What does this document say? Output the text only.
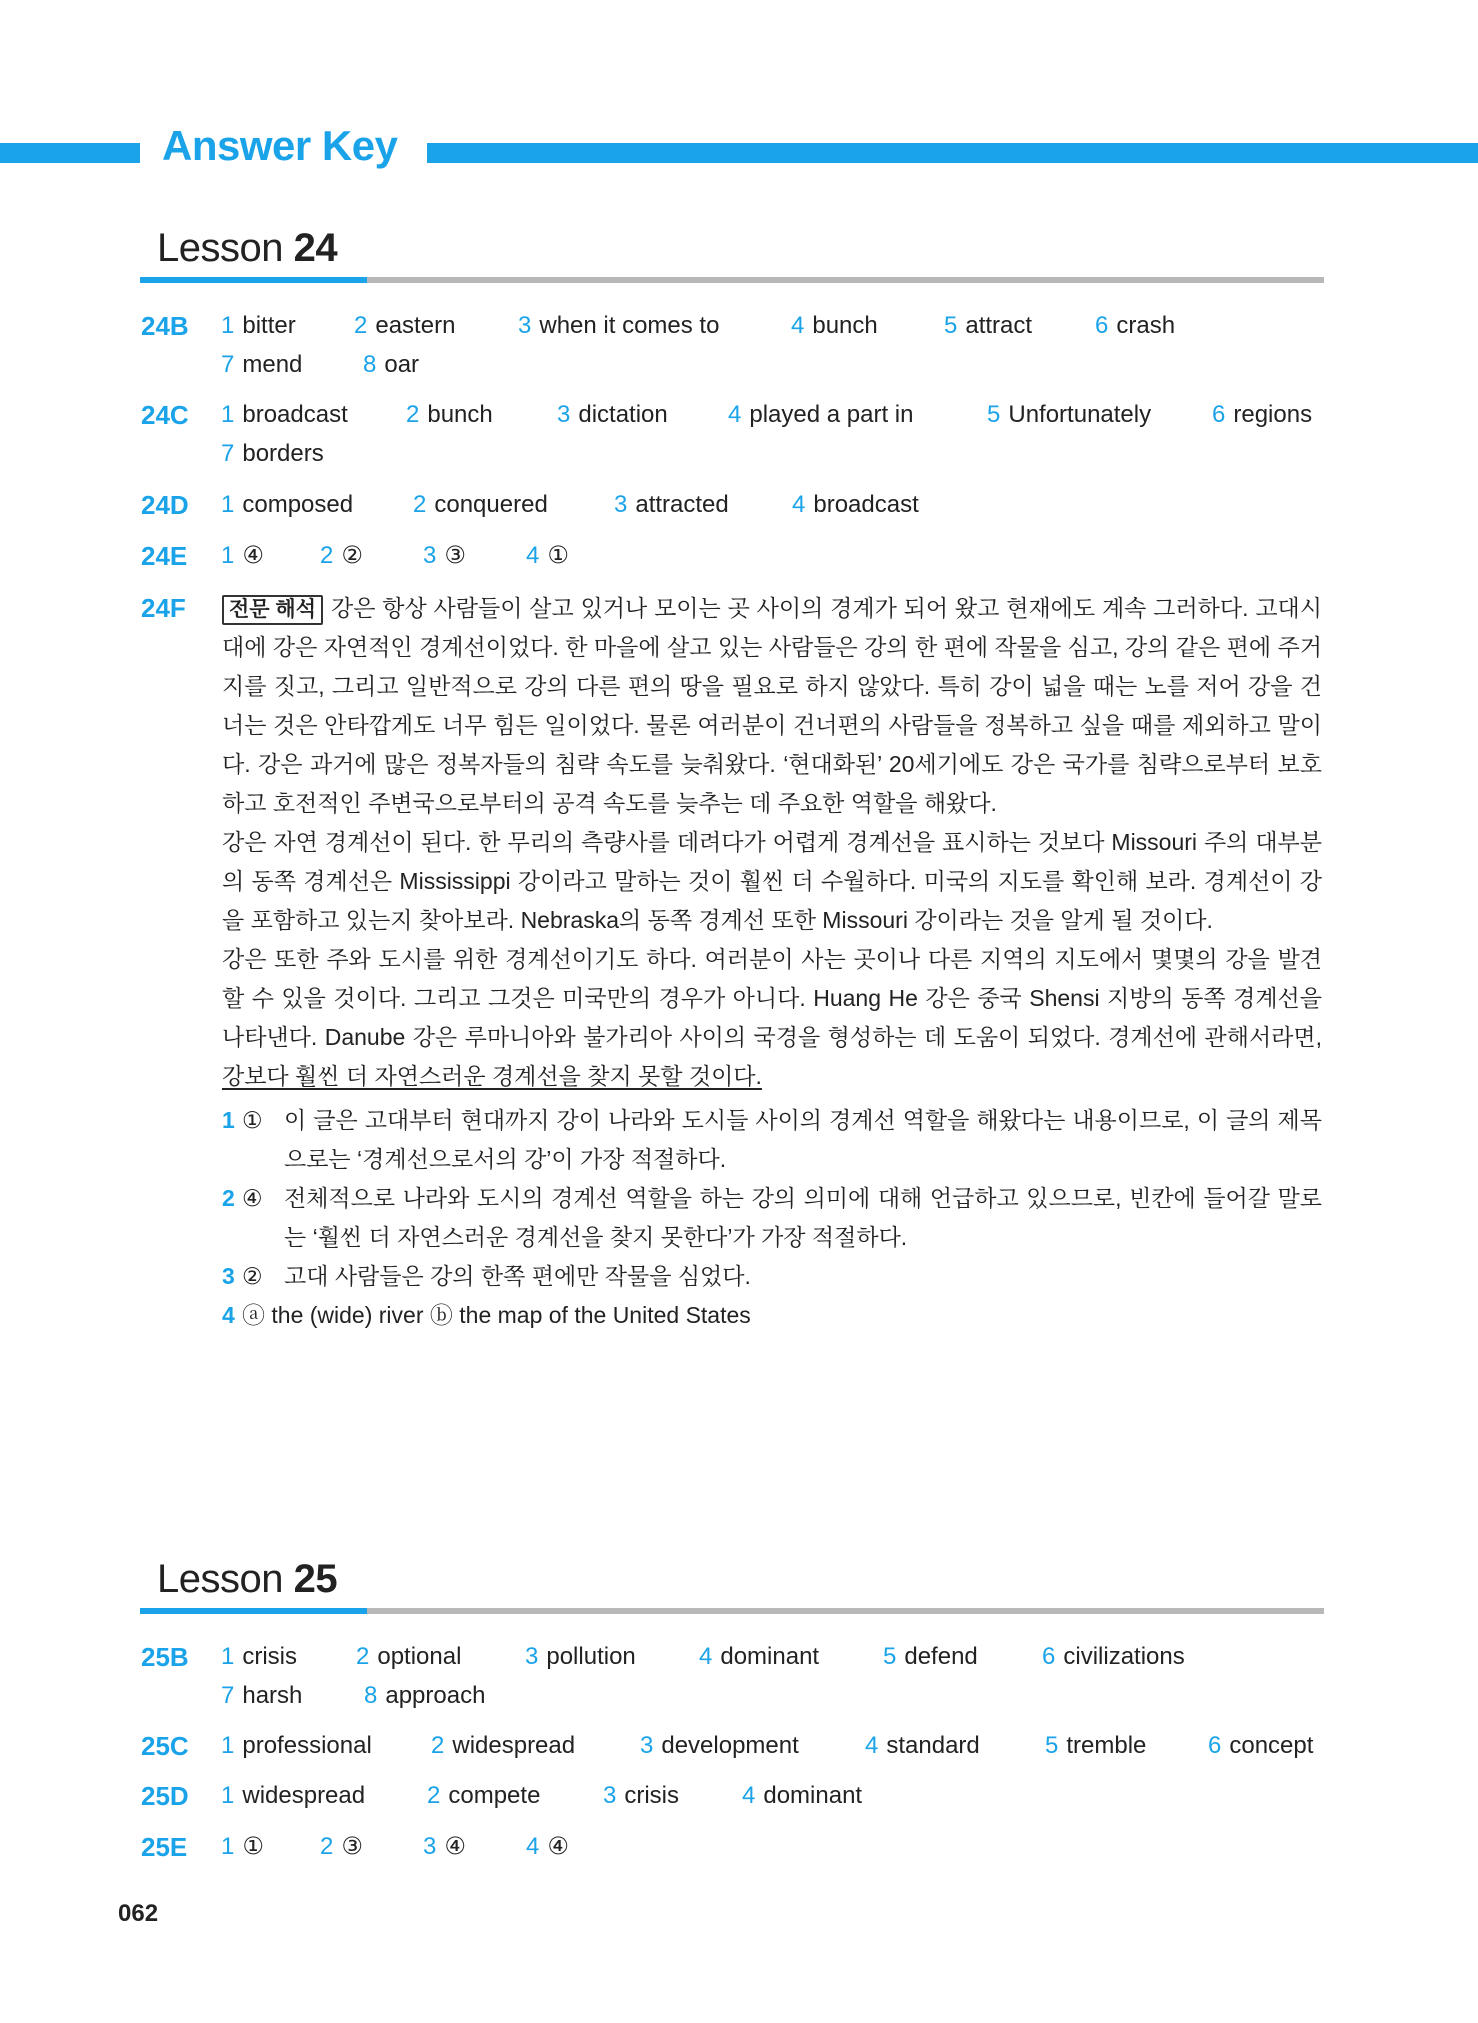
Answer Key
Lesson 24
24B 1 bitter 2 eastern	3 when it comes to	4 bunch	5 attract	6 crash
7 mend	8 oar
24C 1 broadcast 2 bunch	3 dictation	4 played a part in	5 Unfortunately	6 regions
7 borders
24D 1 composed 2 conquered	3 attracted	4 broadcast
24E 1 ④ 2 ②	3 ③	4 ①
24F	전문 해석 강은 항상 사람들이 살고 있거나 모이는 곳 사이의 경계가 되어 왔고 현재에도 계속 그러하다. 고대시대에 강은 자연적인 경계선이었다. 한 마을에 살고 있는 사람들은 강의 한 편에 작물을 심고, 강의 같은 편에 주거지를 짓고, 그리고 일반적으로 강의 다른 편의 땅을 필요로 하지 않았다. 특히 강이 넓을 때는 노를 저어 강을 건너는 것은 안타깝게도 너무 힘든 일이었다. 물론 여러분이 건너편의 사람들을 정복하고 싶을 때를 제외하고 말이다. 강은 과거에 많은 정복자들의 침략 속도를 늦춰왔다. ‘현대화된’ 20세기에도 강은 국가를 침략으로부터 보호하고 호전적인 주변국으로부터의 공격 속도를 늦추는 데 주요한 역할을 해왔다.

강은 자연 경계선이 된다. 한 무리의 측량사를 데려다가 어렵게 경계선을 표시하는 것보다 Missouri 주의 대부분의 동쪽 경계선은 Mississippi 강이라고 말하는 것이 훨씬 더 수월하다. 미국의 지도를 확인해 보라. 경계선이 강을 포함하고 있는지 찾아보라. Nebraska의 동쪽 경계선 또한 Missouri 강이라는 것을 알게 될 것이다.

강은 또한 주와 도시를 위한 경계선이기도 하다. 여러분이 사는 곳이나 다른 지역의 지도에서 몇몇의 강을 발견할 수 있을 것이다. 그리고 그것은 미국만의 경우가 아니다. Huang He 강은 중국 Shensi 지방의 동쪽 경계선을 나타낸다. Danube 강은 루마니아와 불가리아 사이의 국경을 형성하는 데 도움이 되었다. 경계선에 관해서라면, 강보다 훨씬 더 자연스러운 경계선을 찾지 못할 것이다.

1 ① 이 글은 고대부터 현대까지 강이 나라와 도시들 사이의 경계선 역할을 해왔다는 내용이므로, 이 글의 제목으로는 ‘경계선으로서의 강’이 가장 적절하다.
2 ④ 전체적으로 나라와 도시의 경계선 역할을 하는 강의 의미에 대해 언급하고 있으므로, 빈칸에 들어갈 말로는 ‘훨씬 더 자연스러운 경계선을 찾지 못한다’가 가장 적절하다.
3 ② 고대 사람들은 강의 한쪽 편에만 작물을 심었다.
4 ⓐ the (wide) river ⓑ the map of the United States
Lesson 25
25B 1 crisis 2 optional	3 pollution	4 dominant	5 defend	6 civilizations
7 harsh	8 approach
25C 1 professional 2 widespread	3 development	4 standard	5 tremble	6 concept
25D 1 widespread	2 compete	3 crisis	4 dominant
25E 1 ① 2 ③	3 ④	4 ④
062
